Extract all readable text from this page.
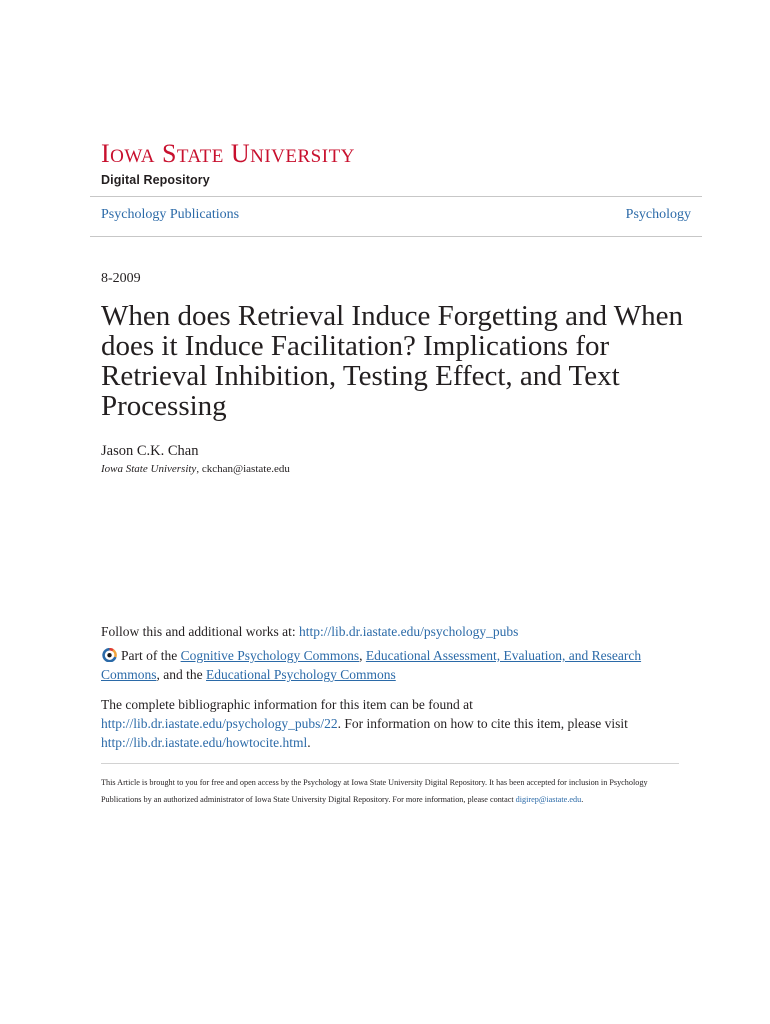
IOWA STATE UNIVERSITY
Digital Repository
Psychology Publications	Psychology
8-2009
When does Retrieval Induce Forgetting and When does it Induce Facilitation? Implications for Retrieval Inhibition, Testing Effect, and Text Processing
Jason C.K. Chan
Iowa State University, ckchan@iastate.edu
Follow this and additional works at: http://lib.dr.iastate.edu/psychology_pubs
Part of the Cognitive Psychology Commons, Educational Assessment, Evaluation, and Research Commons, and the Educational Psychology Commons
The complete bibliographic information for this item can be found at http://lib.dr.iastate.edu/psychology_pubs/22. For information on how to cite this item, please visit http://lib.dr.iastate.edu/howtocite.html.
This Article is brought to you for free and open access by the Psychology at Iowa State University Digital Repository. It has been accepted for inclusion in Psychology Publications by an authorized administrator of Iowa State University Digital Repository. For more information, please contact digirep@iastate.edu.
